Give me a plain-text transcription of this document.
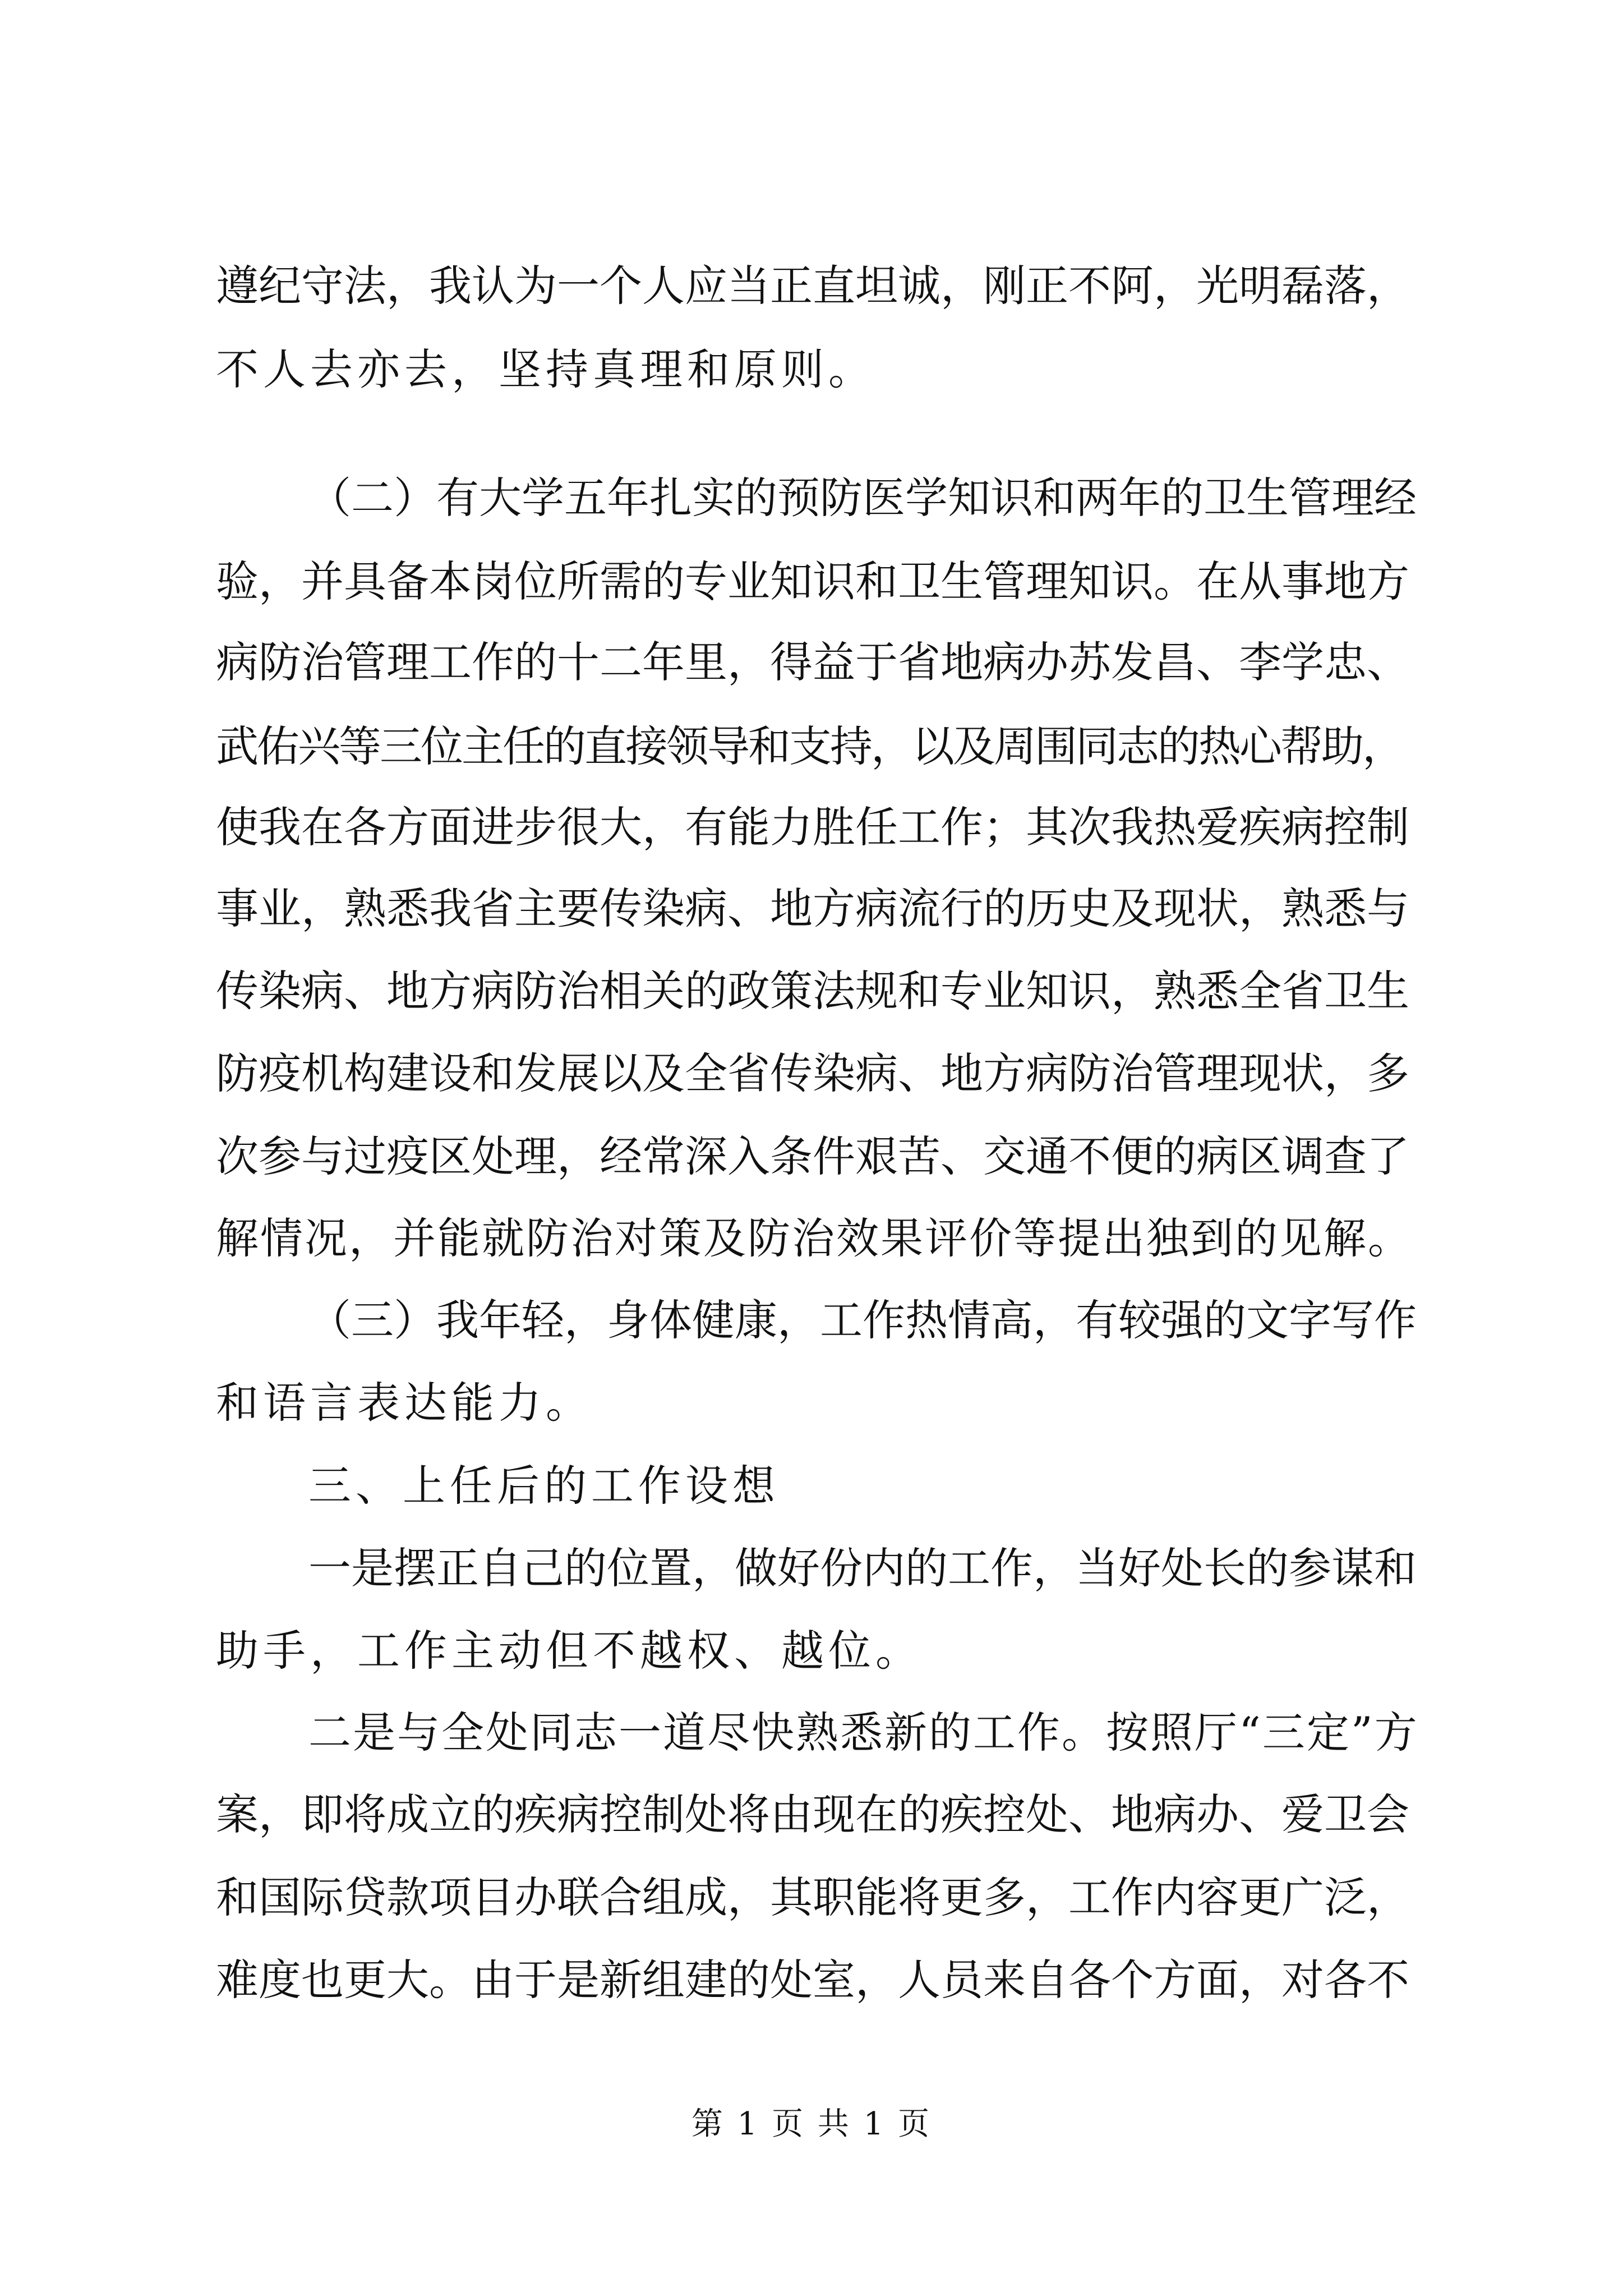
遵纪守法，我认为一个人应当正直坦诚，刚正不阿，光明磊落，
不人去亦去，坚持真理和原则。
（二）有大学五年扎实的预防医学知识和两年的卫生管理经
验，并具备本岗位所需的专业知识和卫生管理知识。在从事地方
病防治管理工作的十二年里，得益于省地病办苏发昌、李学忠、
武佑兴等三位主任的直接领导和支持，以及周围同志的热心帮助，
使我在各方面进步很大，有能力胜任工作；其次我热爱疾病控制
事业，熟悉我省主要传染病、地方病流行的历史及现状，熟悉与
传染病、地方病防治相关的政策法规和专业知识，熟悉全省卫生
防疫机构建设和发展以及全省传染病、地方病防治管理现状，多
次参与过疫区处理，经常深入条件艰苦、交通不便的病区调查了
解情况，并能就防治对策及防治效果评价等提出独到的见解。
（三）我年轻，身体健康，工作热情高，有较强的文字写作
和语言表达能力。
三、上任后的工作设想
一是摆正自己的位置，做好份内的工作，当好处长的参谋和
助手，工作主动但不越权、越位。
二是与全处同志一道尽快熟悉新的工作。按照厅“三定”方
案，即将成立的疾病控制处将由现在的疾控处、地病办、爱卫会
和国际贷款项目办联合组成，其职能将更多，工作内容更广泛，
难度也更大。由于是新组建的处室，人员来自各个方面，对各不
第 1 页 共 1 页
